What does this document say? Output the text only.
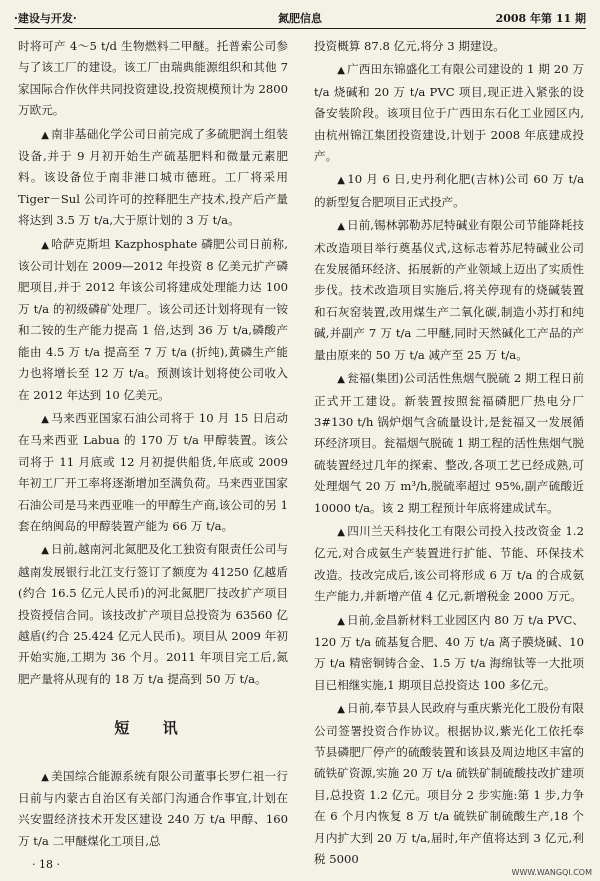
·建设与开发·	氮肥信息	2008 年第 11 期

时将可产 4～5 t/d 生物燃料二甲醚。托普索公司参与了该工厂的建设。该工厂由瑞典能源组织和其他 7 家国际合作伙伴共同投资建设,投资规模预计为 2800 万欧元。

▲ 南非基础化学公司日前完成了多硫肥润土组装设备,并于 9 月初开始生产硫基肥料和微量元素肥料。该设备位于南非港口城市德班。工厂将采用 Tiger－Sul 公司许可的控释肥生产技术,投产后产量将达到 3.5 万 t/a,大于原计划的 3 万 t/a。

▲ 哈萨克斯坦 Kazphosphate 磷肥公司日前称,该公司计划在 2009—2012 年投资 8 亿美元扩产磷肥项目,并于 2012 年该公司将建成处理能力达 100 万 t/a 的初级磷矿处理厂。该公司还计划将现有一铵和二铵的生产能力提高 1 倍,达到 36 万 t/a,磷酸产能由 4.5 万 t/a 提高至 7 万 t/a (折纯),黄磷生产能力也将增长至 12 万 t/a。预测该计划将使公司收入在 2012 年达到 10 亿美元。

▲ 马来西亚国家石油公司将于 10 月 15 日启动在马来西亚 Labua 的 170 万 t/a 甲醇装置。该公司将于 11 月底或 12 月初提供船货,年底或 2009 年初工厂开工率将逐渐增加至满负荷。马来西亚国家石油公司是马来西亚唯一的甲醇生产商,该公司的另 1 套在纳闽岛的甲醇装置产能为 66 万 t/a。

▲ 日前,越南河北氮肥及化工独资有限责任公司与越南发展银行北江支行签订了额度为 41250 亿越盾(约合 16.5 亿元人民币)的河北氮肥厂技改扩产项目投资授信合同。该技改扩产项目总投资为 63560 亿越盾(约合 25.424 亿元人民币)。项目从 2009 年初开始实施,工期为 36 个月。2011 年项目完工后,氮肥产量将从现有的 18 万 t/a 提高到 50 万 t/a。

短 讯

▲ 美国综合能源系统有限公司董事长罗仁祖一行日前与内蒙古自治区有关部门沟通合作事宜,计划在兴安盟经济技术开发区建设 240 万 t/a 甲醇、160 万 t/a 二甲醚煤化工项目,总

投资概算 87.8 亿元,将分 3 期建设。

▲ 广西田东锦盛化工有限公司建设的 1 期 20 万 t/a 烧碱和 20 万 t/a PVC 项目,现正进入紧张的设备安装阶段。该项目位于广西田东石化工业园区内,由杭州锦江集团投资建设,计划于 2008 年底建成投产。

▲ 10 月 6 日,史丹利化肥(吉林)公司 60 万 t/a 的新型复合肥项目正式投产。

▲ 日前,锡林郭勒苏尼特碱业有限公司节能降耗技术改造项目举行奠基仪式,这标志着苏尼特碱业公司在发展循环经济、拓展新的产业领域上迈出了实质性步伐。技术改造项目实施后,将关停现有的烧碱装置和石灰窑装置,改用煤生产二氧化碳,制造小苏打和纯碱,并副产 7 万 t/a 二甲醚,同时天然碱化工产品的产量由原来的 50 万 t/a 减产至 25 万 t/a。

▲ 瓮福(集团)公司活性焦烟气脱硫 2 期工程日前正式开工建设。新装置按照瓮福磷肥厂热电分厂 3#130 t/h 锅炉烟气含硫量设计,是瓮福又一发展循环经济项目。瓮福烟气脱硫 1 期工程的活性焦烟气脱硫装置经过几年的探索、整改,各项工艺已经成熟,可处理烟气 20 万 m³/h,脱硫率超过 95%,副产硫酸近 10000 t/a。该 2 期工程预计年底将建成试车。

▲ 四川兰天科技化工有限公司投入技改资金 1.2 亿元,对合成氨生产装置进行扩能、节能、环保技术改造。技改完成后,该公司将形成 6 万 t/a 的合成氨生产能力,并新增产值 4 亿元,新增税金 2000 万元。

▲ 日前,金昌新材料工业园区内 80 万 t/a PVC、120 万 t/a 硫基复合肥、40 万 t/a 离子膜烧碱、10 万 t/a 精密铜铸合金、1.5 万 t/a 海绵钛等一大批项目已相继实施,1 期项目总投资达 100 多亿元。

▲ 日前,奉节县人民政府与重庆紫光化工股份有限公司签署投资合作协议。根据协议,紫光化工依托奉节县磷肥厂停产的硫酸装置和该县及周边地区丰富的硫铁矿资源,实施 20 万 t/a 硫铁矿制硫酸技改扩建项目,总投资 1.2 亿元。项目分 2 步实施:第 1 步,力争在 6 个月内恢复 8 万 t/a 硫铁矿制硫酸生产,18 个月内扩大到 20 万 t/a,届时,年产值将达到 3 亿元,利税 5000

· 18 ·
WWW.WANGQI.COM
